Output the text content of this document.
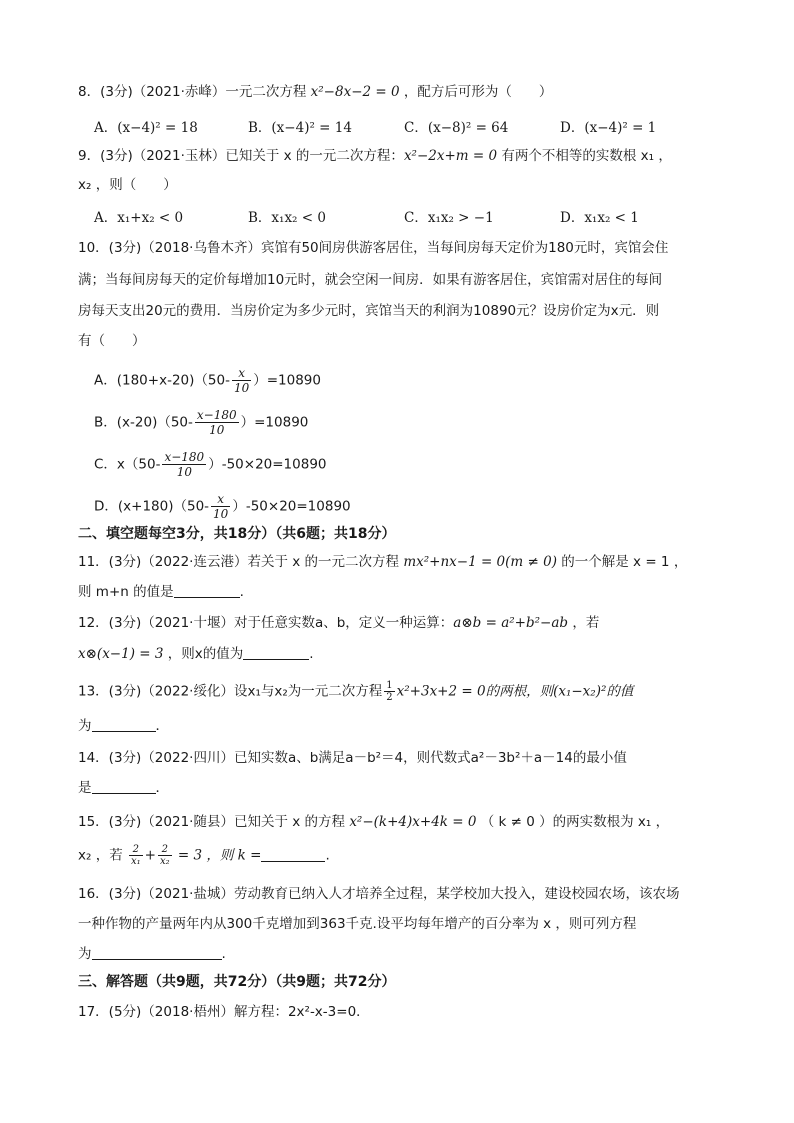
8．(3分)（2021·赤峰）一元二次方程 x²−8x−2 = 0 ，配方后可形为（　　）
A．(x−4)² = 18	B．(x−4)² = 14	C．(x−8)² = 64	D．(x−4)² = 1
9．(3分)（2021·玉林）已知关于 x 的一元二次方程：x²−2x+m = 0 有两个不相等的实数根 x₁ ，
x₂ ，则（　　）
A．x₁+x₂ < 0	B．x₁x₂ < 0	C．x₁x₂ > −1	D．x₁x₂ < 1
10．(3分)（2018·乌鲁木齐）宾馆有50间房供游客居住，当每间房每天定价为180元时，宾馆会住
满；当每间房每天的定价每增加10元时，就会空闲一间房．如果有游客居住，宾馆需对居住的每间
房每天支出20元的费用．当房价定为多少元时，宾馆当天的利润为10890元？设房价定为x元．则
有（　　）
A．$(180+x-20)(50- \frac{x}{10} )=10890$
B．$(x-20)(50- \frac{x-180}{10} )=10890$
C．$x(50- \frac{x-180}{10} )-50\times 20=10890$
D．$(x+180)(50- \frac{x}{10} )-50\times 20=10890$
二、填空题每空3分，共18分）（共6题；共18分）
11．(3分)（2022·连云港）若关于 x 的一元二次方程 mx²+nx−1 = 0(m ≠ 0) 的一个解是 x = 1 ，
则 m+n 的值是	.
12．(3分)（2021·十堰）对于任意实数a、b，定义一种运算：a⊗b = a²+b²−ab ，若
x⊗(x−1) = 3 ，则x的值为	.
13．(3分)（2022·绥化）设x₁与x₂为一元二次方程 $\frac{1}{2} x^2+3x+2 = 0$的两根，则(x₁−x₂)²的值
为	．
14．(3分)（2022·四川）已知实数a、b满足a－b²＝4，则代数式a²－3b²＋a－14的最小值
是	．
15．(3分)（2021·随县）已知关于 x 的方程 x²−(k+4)x+4k = 0 （ k ≠ 0 ）的两实数根为 x₁ ，
x₂ ，若 $\frac{2}{\text{x₁}} + \frac{2}{\text{x₂}} = 3$ ，则 k =	.
16．(3分)（2021·盐城）劳动教育已纳入人才培养全过程，某学校加大投入，建设校园农场，该农场
一种作物的产量两年内从300千克增加到363千克.设平均每年增产的百分率为 x ，则可列方程
为	.
三、解答题（共9题，共72分）（共9题；共72分）
17．(5分)（2018·梧州）解方程：2x²-x-3=0．
